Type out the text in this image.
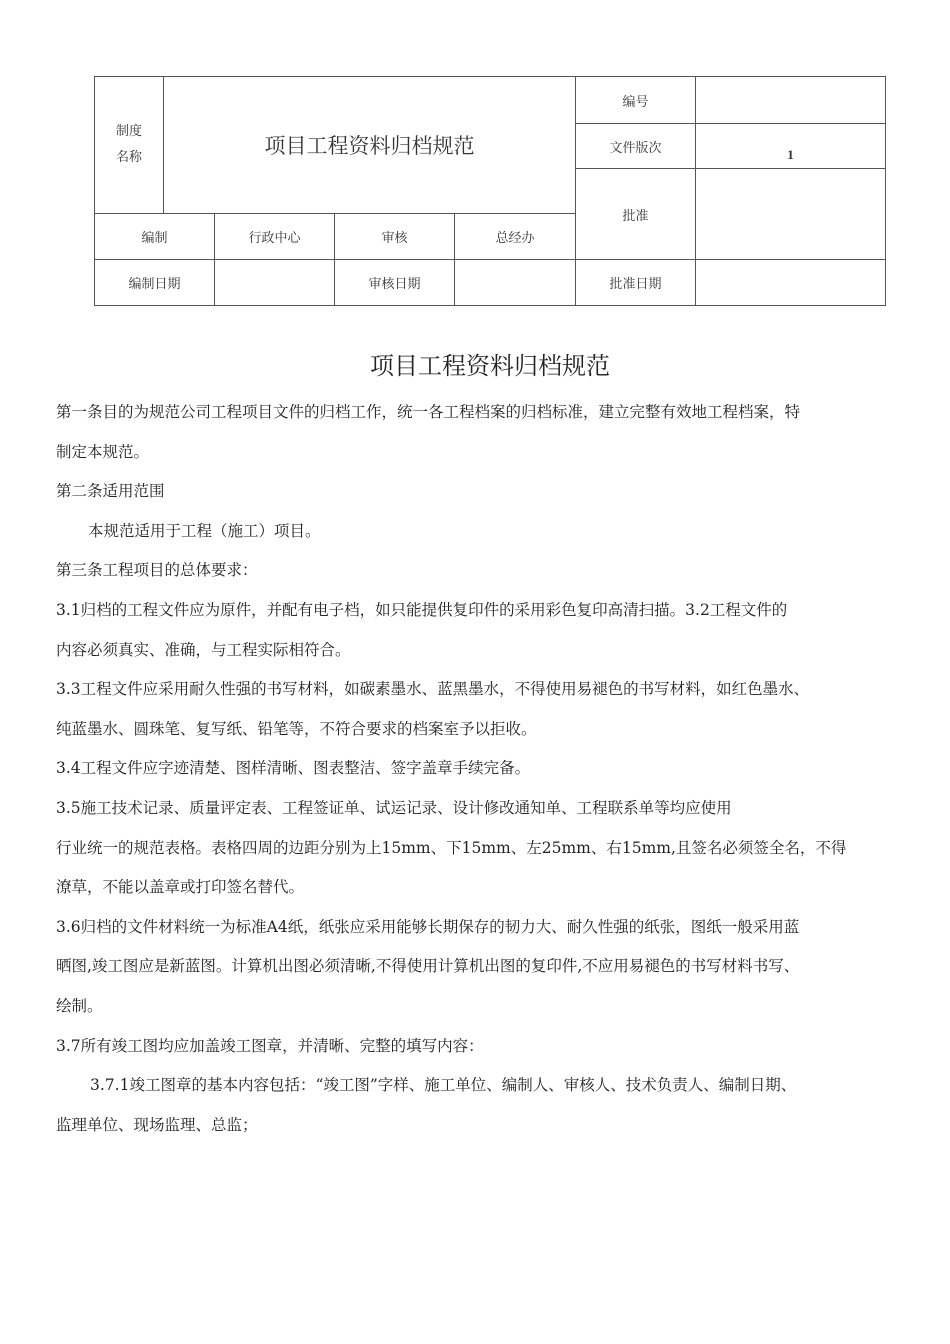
制度
名称	项目工程资料归档规范				编号	
					文件版次	1
					批准	
编制		行政中心	审核	总经办		
编制日期			审核日期		批准日期	
项目工程资料归档规范

第一条目的为规范公司工程项目文件的归档工作，统一各工程档案的归档标准，建立完整有效地工程档案，特

制定本规范。

第二条适用范围

本规范适用于工程（施工）项目。

第三条工程项目的总体要求：

3.1归档的工程文件应为原件，并配有电子档，如只能提供复印件的采用彩色复印高清扫描。3.2工程文件的

内容必须真实、准确，与工程实际相符合。

3.3工程文件应采用耐久性强的书写材料，如碳素墨水、蓝黑墨水，不得使用易褪色的书写材料，如红色墨水、

纯蓝墨水、圆珠笔、复写纸、铅笔等，不符合要求的档案室予以拒收。

3.4工程文件应字迹清楚、图样清晰、图表整洁、签字盖章手续完备。

3.5施工技术记录、质量评定表、工程签证单、试运记录、设计修改通知单、工程联系单等均应使用

行业统一的规范表格。表格四周的边距分别为上15mm、下15mm、左25mm、右15mm,且签名必须签全名，不得

潦草，不能以盖章或打印签名替代。

3.6归档的文件材料统一为标准A4纸，纸张应采用能够长期保存的韧力大、耐久性强的纸张，图纸一般采用蓝

晒图,竣工图应是新蓝图。计算机出图必须清晰,不得使用计算机出图的复印件,不应用易褪色的书写材料书写、

绘制。

3.7所有竣工图均应加盖竣工图章，并清晰、完整的填写内容：

3.7.1竣工图章的基本内容包括：“竣工图”字样、施工单位、编制人、审核人、技术负责人、编制日期、

监理单位、现场监理、总监；
